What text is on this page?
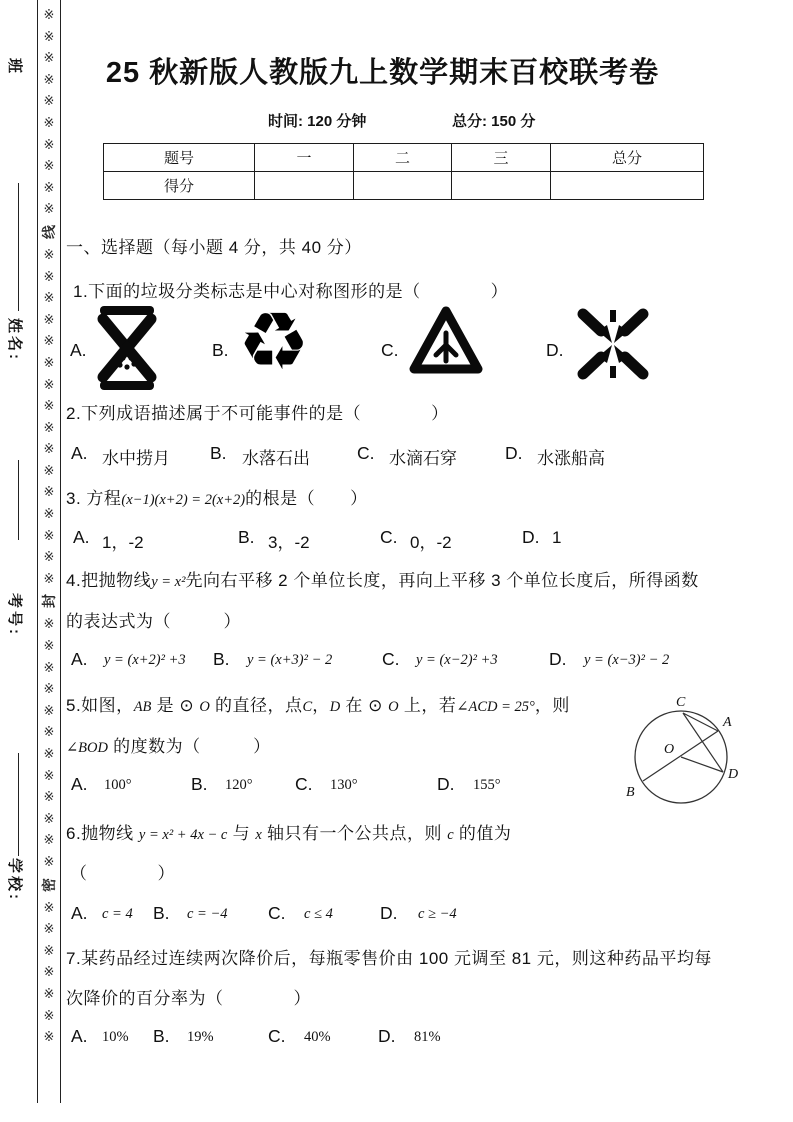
班
姓名:
考号:
学校:
※※※※※※※※※※
线
※※※※※※※※※※※※※※※※
封
※※※※※※※※※※※※
密
※※※※※※※
25 秋新版人教版九上数学期末百校联考卷
时间: 120 分钟	总分: 150 分
题号	一	二	三	总分
得分				
一、选择题（每小题 4 分，共 40 分）
1.下面的垃圾分类标志是中心对称图形的是（　　　　）
A.	B. ♻︎	C.	D.
2.下列成语描述属于不可能事件的是（　　　　）
A. 水中捞月 B. 水落石出	C. 水滴石穿	D. 水涨船高
3. 方程(x−1)(x+2) = 2(x+2)的根是（　　）
A. 1，-2	B. 3，-2	C. 0，-2	D. 1
4.把抛物线y = x²先向右平移 2 个单位长度，再向上平移 3 个单位长度后，所得函数
的表达式为（　　　）
A. y = (x+2)² +3 B. y = (x+3)² − 2	C. y = (x−2)² +3	D. y = (x−3)² − 2
5.如图，AB 是 ⊙ O 的直径，点C，D 在 ⊙ O 上，若∠ACD = 25°，则
∠BOD 的度数为（　　　）
A. 100°	B. 120° C. 130°	D. 155°
C
A
O
B
D
6.抛物线 y = x² + 4x − c 与 x 轴只有一个公共点，则 c 的值为
（　　　　）
A. c = 4 B. c = −4 C. c ≤ 4	D. c ≥ −4
7.某药品经过连续两次降价后，每瓶零售价由 100 元调至 81 元，则这种药品平均每
次降价的百分率为（　　　　）
A. 10% B. 19%	C. 40%	D. 81%
